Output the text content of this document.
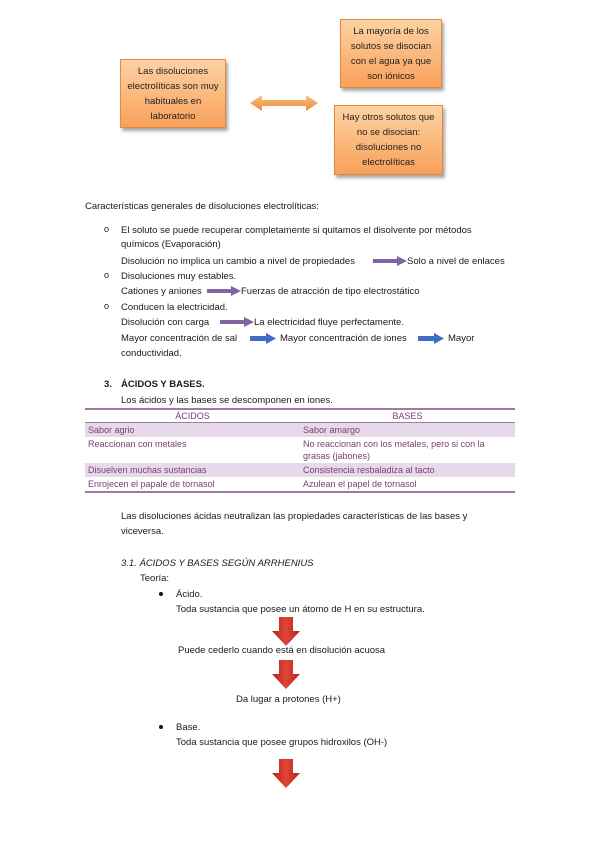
Las disoluciones electrolíticas son muy habituales en laboratorio
La mayoría de los solutos se disocian con el agua ya que son iónicos
Hay otros solutos que no se disocian: disoluciones no electrolíticas
Características generales de disoluciones electrolíticas:
o El soluto se puede recuperar completamente si quitamos el disolvente por métodos
químicos (Evaporación)
Disolución no implica un cambio a nivel de propiedades	Solo a nivel de enlaces
o Disoluciones muy estables.
Cationes y aniones	Fuerzas de atracción de tipo electrostático
o Conducen la electricidad.
Disolución con carga	La electricidad fluye perfectamente.
Mayor concentración de sal	Mayor concentración de iones	Mayor
conductividad.
3. ÁCIDOS Y BASES.
Los ácidos y las bases se descomponen en iones.
ÁCIDOS	BASES
Sabor agrio	Sabor amargo
Reaccionan con metales	No reaccionan con los metales, pero si con la grasas (jabones)
Disuelven muchas sustancias	Consistencia resbaladiza al tacto
Enrojecen el papale de tornasol	Azulean el papel de tornasol
Las disoluciones ácidas neutralizan las propiedades características de las bases y
viceversa.
3.1. ÁCIDOS Y BASES SEGÚN ARRHENIUS
Teoría:
Ácido.
Toda sustancia que posee un átomo de H en su estructura.
Puede cederlo cuando está en disolución acuosa
Da lugar a protones (H+)
Base.
Toda sustancia que posee grupos hidroxilos (OH-)
